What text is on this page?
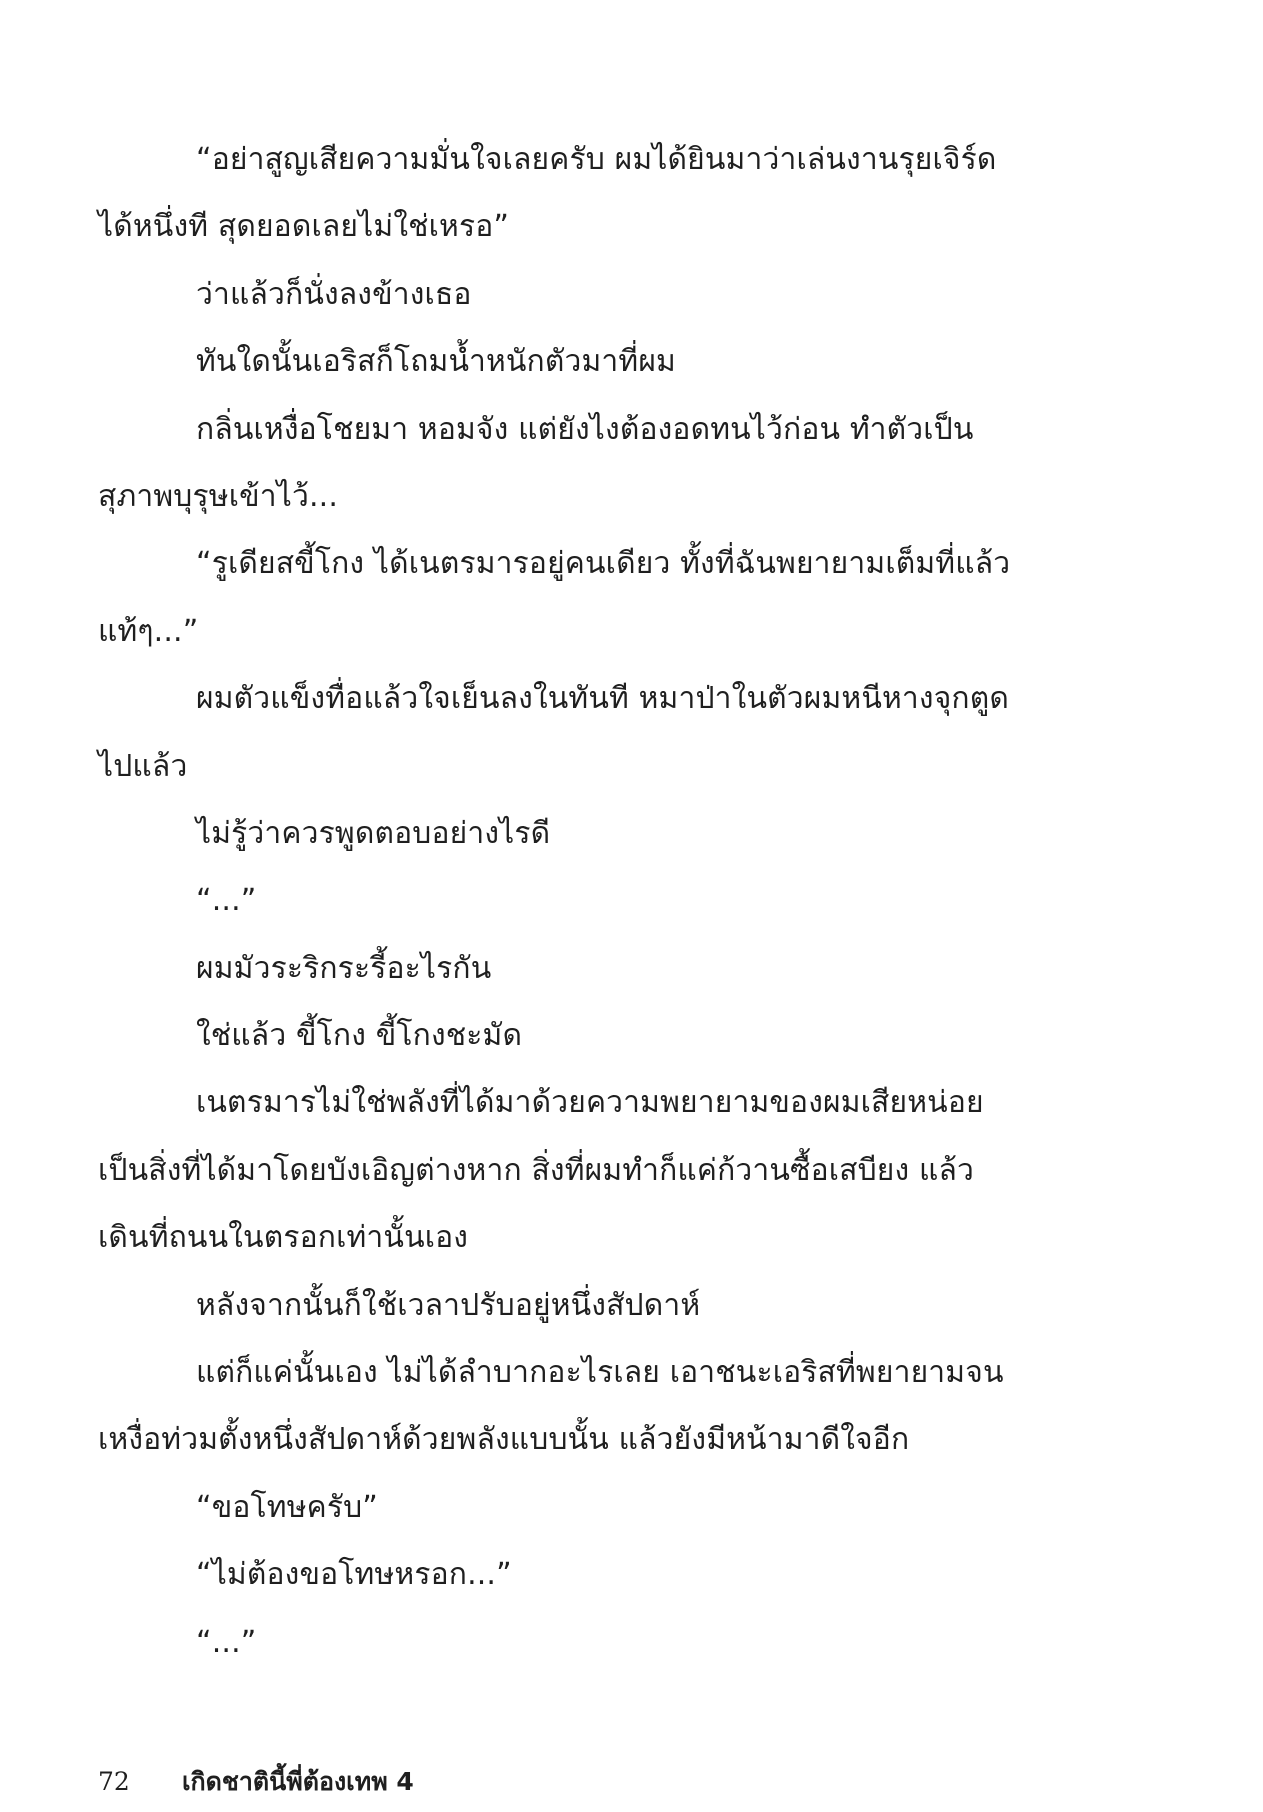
“อย่าสูญเสียความมั่นใจเลยครับ ผมได้ยินมาว่าเล่นงานรุยเจิร์ด

ได้หนึ่งที สุดยอดเลยไม่ใช่เหรอ”

ว่าแล้วก็นั่งลงข้างเธอ

ทันใดนั้นเอริสก็โถมน้ำหนักตัวมาที่ผม

กลิ่นเหงื่อโชยมา หอมจัง แต่ยังไงต้องอดทนไว้ก่อน ทำตัวเป็น

สุภาพบุรุษเข้าไว้...

“รูเดียสขี้โกง ได้เนตรมารอยู่คนเดียว ทั้งที่ฉันพยายามเต็มที่แล้ว

แท้ๆ...”

ผมตัวแข็งทื่อแล้วใจเย็นลงในทันที หมาป่าในตัวผมหนีหางจุกตูด

ไปแล้ว

ไม่รู้ว่าควรพูดตอบอย่างไรดี

“...”

ผมมัวระริกระรี้อะไรกัน

ใช่แล้ว ขี้โกง ขี้โกงชะมัด

เนตรมารไม่ใช่พลังที่ได้มาด้วยความพยายามของผมเสียหน่อย

เป็นสิ่งที่ได้มาโดยบังเอิญต่างหาก สิ่งที่ผมทำก็แค่ก้วานซื้อเสบียง แล้ว

เดินที่ถนนในตรอกเท่านั้นเอง

หลังจากนั้นก็ใช้เวลาปรับอยู่หนึ่งสัปดาห์

แต่ก็แค่นั้นเอง ไม่ได้ลำบากอะไรเลย เอาชนะเอริสที่พยายามจน

เหงื่อท่วมตั้งหนึ่งสัปดาห์ด้วยพลังแบบนั้น แล้วยังมีหน้ามาดีใจอีก

“ขอโทษครับ”

“ไม่ต้องขอโทษหรอก...”

“...”

72	เกิดชาตินี้พี่ต้องเทพ 4
